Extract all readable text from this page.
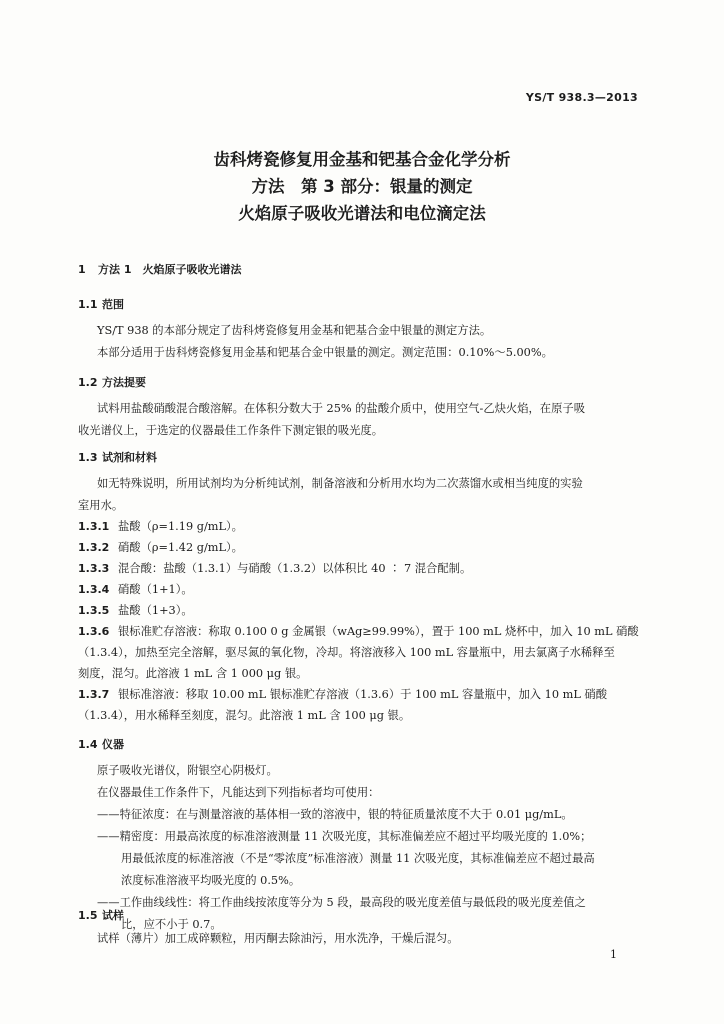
YS/T 938.3—2013
齿科烤瓷修复用金基和钯基合金化学分析
方法　第 3 部分：银量的测定
火焰原子吸收光谱法和电位滴定法
1 方法 1　火焰原子吸收光谱法
1.1 范围
YS/T 938 的本部分规定了齿科烤瓷修复用金基和钯基合金中银量的测定方法。
本部分适用于齿科烤瓷修复用金基和钯基合金中银量的测定。测定范围：0.10%～5.00%。
1.2 方法提要
试料用盐酸硝酸混合酸溶解。在体积分数大于 25% 的盐酸介质中，使用空气-乙炔火焰，在原子吸
收光谱仪上，于选定的仪器最佳工作条件下测定银的吸光度。
1.3 试剂和材料
如无特殊说明，所用试剂均为分析纯试剂，制备溶液和分析用水均为二次蒸馏水或相当纯度的实验
室用水。
1.3.1 盐酸（ρ=1.19 g/mL）。
1.3.2 硝酸（ρ=1.42 g/mL）。
1.3.3 混合酸：盐酸（1.3.1）与硝酸（1.3.2）以体积比 40 ∶ 7 混合配制。
1.3.4 硝酸（1+1）。
1.3.5 盐酸（1+3）。
1.3.6 银标准贮存溶液：称取 0.100 0 g 金属银（wAg≥99.99%），置于 100 mL 烧杯中，加入 10 mL 硝酸
（1.3.4），加热至完全溶解，驱尽氮的氧化物，冷却。将溶液移入 100 mL 容量瓶中，用去氯离子水稀释至
刻度，混匀。此溶液 1 mL 含 1 000 μg 银。
1.3.7 银标准溶液：移取 10.00 mL 银标准贮存溶液（1.3.6）于 100 mL 容量瓶中，加入 10 mL 硝酸
（1.3.4），用水稀释至刻度，混匀。此溶液 1 mL 含 100 μg 银。
1.4 仪器
原子吸收光谱仪，附银空心阴极灯。
在仪器最佳工作条件下，凡能达到下列指标者均可使用：
——特征浓度：在与测量溶液的基体相一致的溶液中，银的特征质量浓度不大于 0.01 μg/mL。
——精密度：用最高浓度的标准溶液测量 11 次吸光度，其标准偏差应不超过平均吸光度的 1.0%；
用最低浓度的标准溶液（不是“零浓度”标准溶液）测量 11 次吸光度，其标准偏差应不超过最高
浓度标准溶液平均吸光度的 0.5%。
——工作曲线线性：将工作曲线按浓度等分为 5 段，最高段的吸光度差值与最低段的吸光度差值之
比，应不小于 0.7。
1.5 试样
试样（薄片）加工成碎颗粒，用丙酮去除油污，用水洗净，干燥后混匀。
1
